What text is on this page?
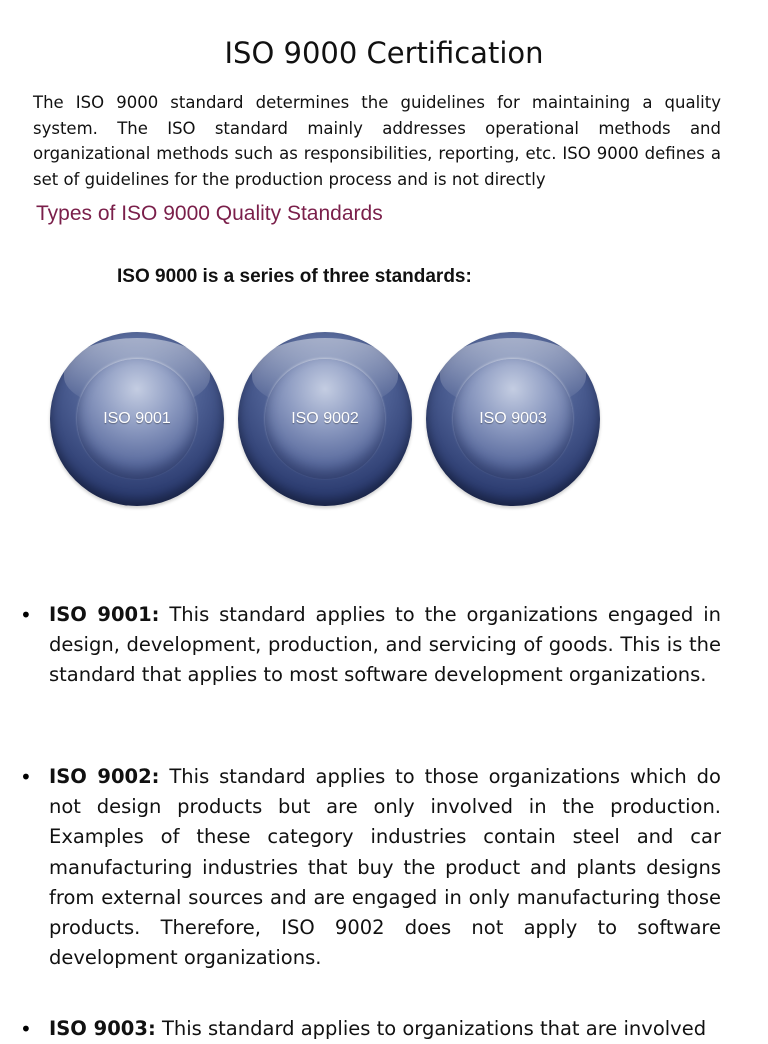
ISO 9000 Certification
The ISO 9000 standard determines the guidelines for maintaining a quality system. The ISO standard mainly addresses operational methods and organizational methods such as responsibilities, reporting, etc. ISO 9000 defines a set of guidelines for the production process and is not directly
Types of ISO 9000 Quality Standards
ISO 9000 is a series of three standards:
ISO 9001	ISO 9002	ISO 9003
• ISO 9001: This standard applies to the organizations engaged in design, development, production, and servicing of goods. This is the standard that applies to most software development organizations.
• ISO 9002: This standard applies to those organizations which do not design products but are only involved in the production. Examples of these category industries contain steel and car manufacturing industries that buy the product and plants designs from external sources and are engaged in only manufacturing those products. Therefore, ISO 9002 does not apply to software development organizations.
• ISO 9003: This standard applies to organizations that are involved
